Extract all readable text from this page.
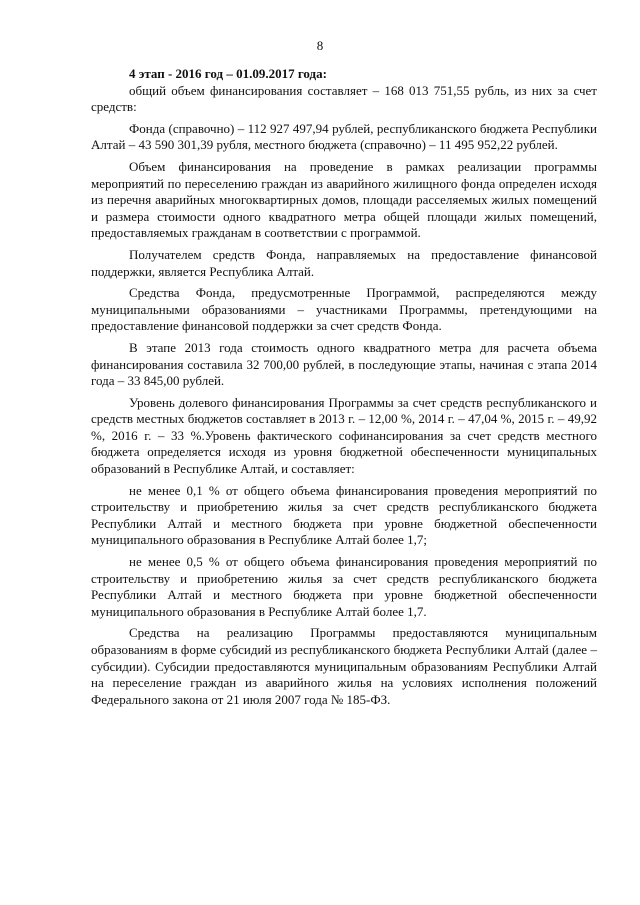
8

4 этап - 2016 год – 01.09.2017 года:

общий объем финансирования составляет – 168 013 751,55 рубль, из них за счет средств:

Фонда (справочно) – 112 927 497,94 рублей, республиканского бюджета Республики Алтай – 43 590 301,39 рубля, местного бюджета (справочно) – 11 495 952,22 рублей.

Объем финансирования на проведение в рамках реализации программы мероприятий по переселению граждан из аварийного жилищного фонда определен исходя из перечня аварийных многоквартирных домов, площади расселяемых жилых помещений и размера стоимости одного квадратного метра общей площади жилых помещений, предоставляемых гражданам в соответствии с программой.

Получателем средств Фонда, направляемых на предоставление финансовой поддержки, является Республика Алтай.

Средства Фонда, предусмотренные Программой, распределяются между муниципальными образованиями – участниками Программы, претендующими на предоставление финансовой поддержки за счет средств Фонда.

В этапе 2013 года стоимость одного квадратного метра для расчета объема финансирования составила 32 700,00 рублей, в последующие этапы, начиная с этапа 2014 года – 33 845,00 рублей.

Уровень долевого финансирования Программы за счет средств республиканского и средств местных бюджетов составляет в 2013 г. – 12,00 %, 2014 г. – 47,04 %, 2015 г. – 49,92 %, 2016 г. – 33 %.Уровень фактического софинансирования за счет средств местного бюджета определяется исходя из уровня бюджетной обеспеченности муниципальных образований в Республике Алтай, и составляет:

не менее 0,1 % от общего объема финансирования проведения мероприятий по строительству и приобретению жилья за счет средств республиканского бюджета Республики Алтай и местного бюджета при уровне бюджетной обеспеченности муниципального образования в Республике Алтай более 1,7;

не менее 0,5 % от общего объема финансирования проведения мероприятий по строительству и приобретению жилья за счет средств республиканского бюджета Республики Алтай и местного бюджета при уровне бюджетной обеспеченности муниципального образования в Республике Алтай более 1,7.

Средства на реализацию Программы предоставляются муниципальным образованиям в форме субсидий из республиканского бюджета Республики Алтай (далее – субсидии). Субсидии предоставляются муниципальным образованиям Республики Алтай на переселение граждан из аварийного жилья на условиях исполнения положений Федерального закона от 21 июля 2007 года № 185-ФЗ.
